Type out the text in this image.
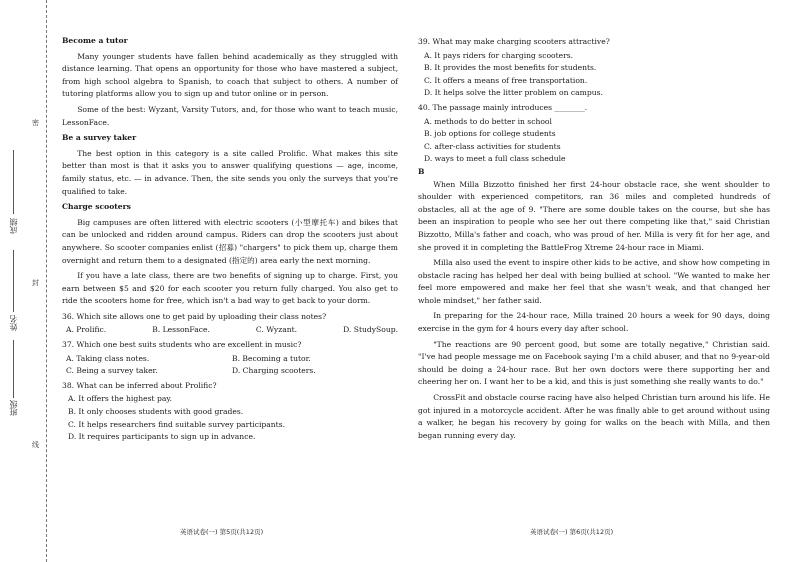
成绩
姓名
班级
密
封
线

Become a tutor

Many younger students have fallen behind academically as they struggled with distance learning. That opens an opportunity for those who have mastered a subject, from high school algebra to Spanish, to coach that subject to others. A number of tutoring platforms allow you to sign up and tutor online or in person.

Some of the best: Wyzant, Varsity Tutors, and, for those who want to teach music, LessonFace.

Be a survey taker

The best option in this category is a site called Prolific. What makes this site better than most is that it asks you to answer qualifying questions — age, income, family status, etc. — in advance. Then, the site sends you only the surveys that you're qualified to take.

Charge scooters

Big campuses are often littered with electric scooters (小型摩托车) and bikes that can be unlocked and ridden around campus. Riders can drop the scooters just about anywhere. So scooter companies enlist (招募) "chargers" to pick them up, charge them overnight and return them to a designated (指定的) area early the next morning.

If you have a late class, there are two benefits of signing up to charge. First, you earn between $5 and $20 for each scooter you return fully charged. You also get to ride the scooters home for free, which isn't a bad way to get back to your dorm.

36. Which site allows one to get paid by uploading their class notes?

A. Prolific.	B. LessonFace.	C. Wyzant.	D. StudySoup.

37. Which one best suits students who are excellent in music?

A. Taking class notes.	B. Becoming a tutor.
C. Being a survey taker.	D. Charging scooters.

38. What can be inferred about Prolific?

A. It offers the highest pay.

B. It only chooses students with good grades.

C. It helps researchers find suitable survey participants.

D. It requires participants to sign up in advance.

39. What may make charging scooters attractive?

A. It pays riders for charging scooters.

B. It provides the most benefits for students.

C. It offers a means of free transportation.

D. It helps solve the litter problem on campus.

40. The passage mainly introduces ________.

A. methods to do better in school

B. job options for college students

C. after-class activities for students

D. ways to meet a full class schedule

B

When Milla Bizzotto finished her first 24-hour obstacle race, she went shoulder to shoulder with experienced competitors, ran 36 miles and completed hundreds of obstacles, all at the age of 9. "There are some double takes on the course, but she has been an inspiration to people who see her out there competing like that," said Christian Bizzotto, Milla's father and coach, who was proud of her. Milla is very fit for her age, and she proved it in completing the BattleFrog Xtreme 24-hour race in Miami.

Milla also used the event to inspire other kids to be active, and show how competing in obstacle racing has helped her deal with being bullied at school. "We wanted to make her feel more empowered and make her feel that she wasn't weak, and that changed her whole mindset," her father said.

In preparing for the 24-hour race, Milla trained 20 hours a week for 90 days, doing exercise in the gym for 4 hours every day after school.

"The reactions are 90 percent good, but some are totally negative," Christian said. "I've had people message me on Facebook saying I'm a child abuser, and that no 9-year-old should be doing a 24-hour race. But her own doctors were there supporting her and cheering her on. I want her to be a kid, and this is just something she really wants to do."

CrossFit and obstacle course racing have also helped Christian turn around his life. He got injured in a motorcycle accident. After he was finally able to get around without using a walker, he began his recovery by going for walks on the beach with Milla, and then began running every day.

英语试卷(一) 第5页(共12页)	英语试卷(一) 第6页(共12页)
